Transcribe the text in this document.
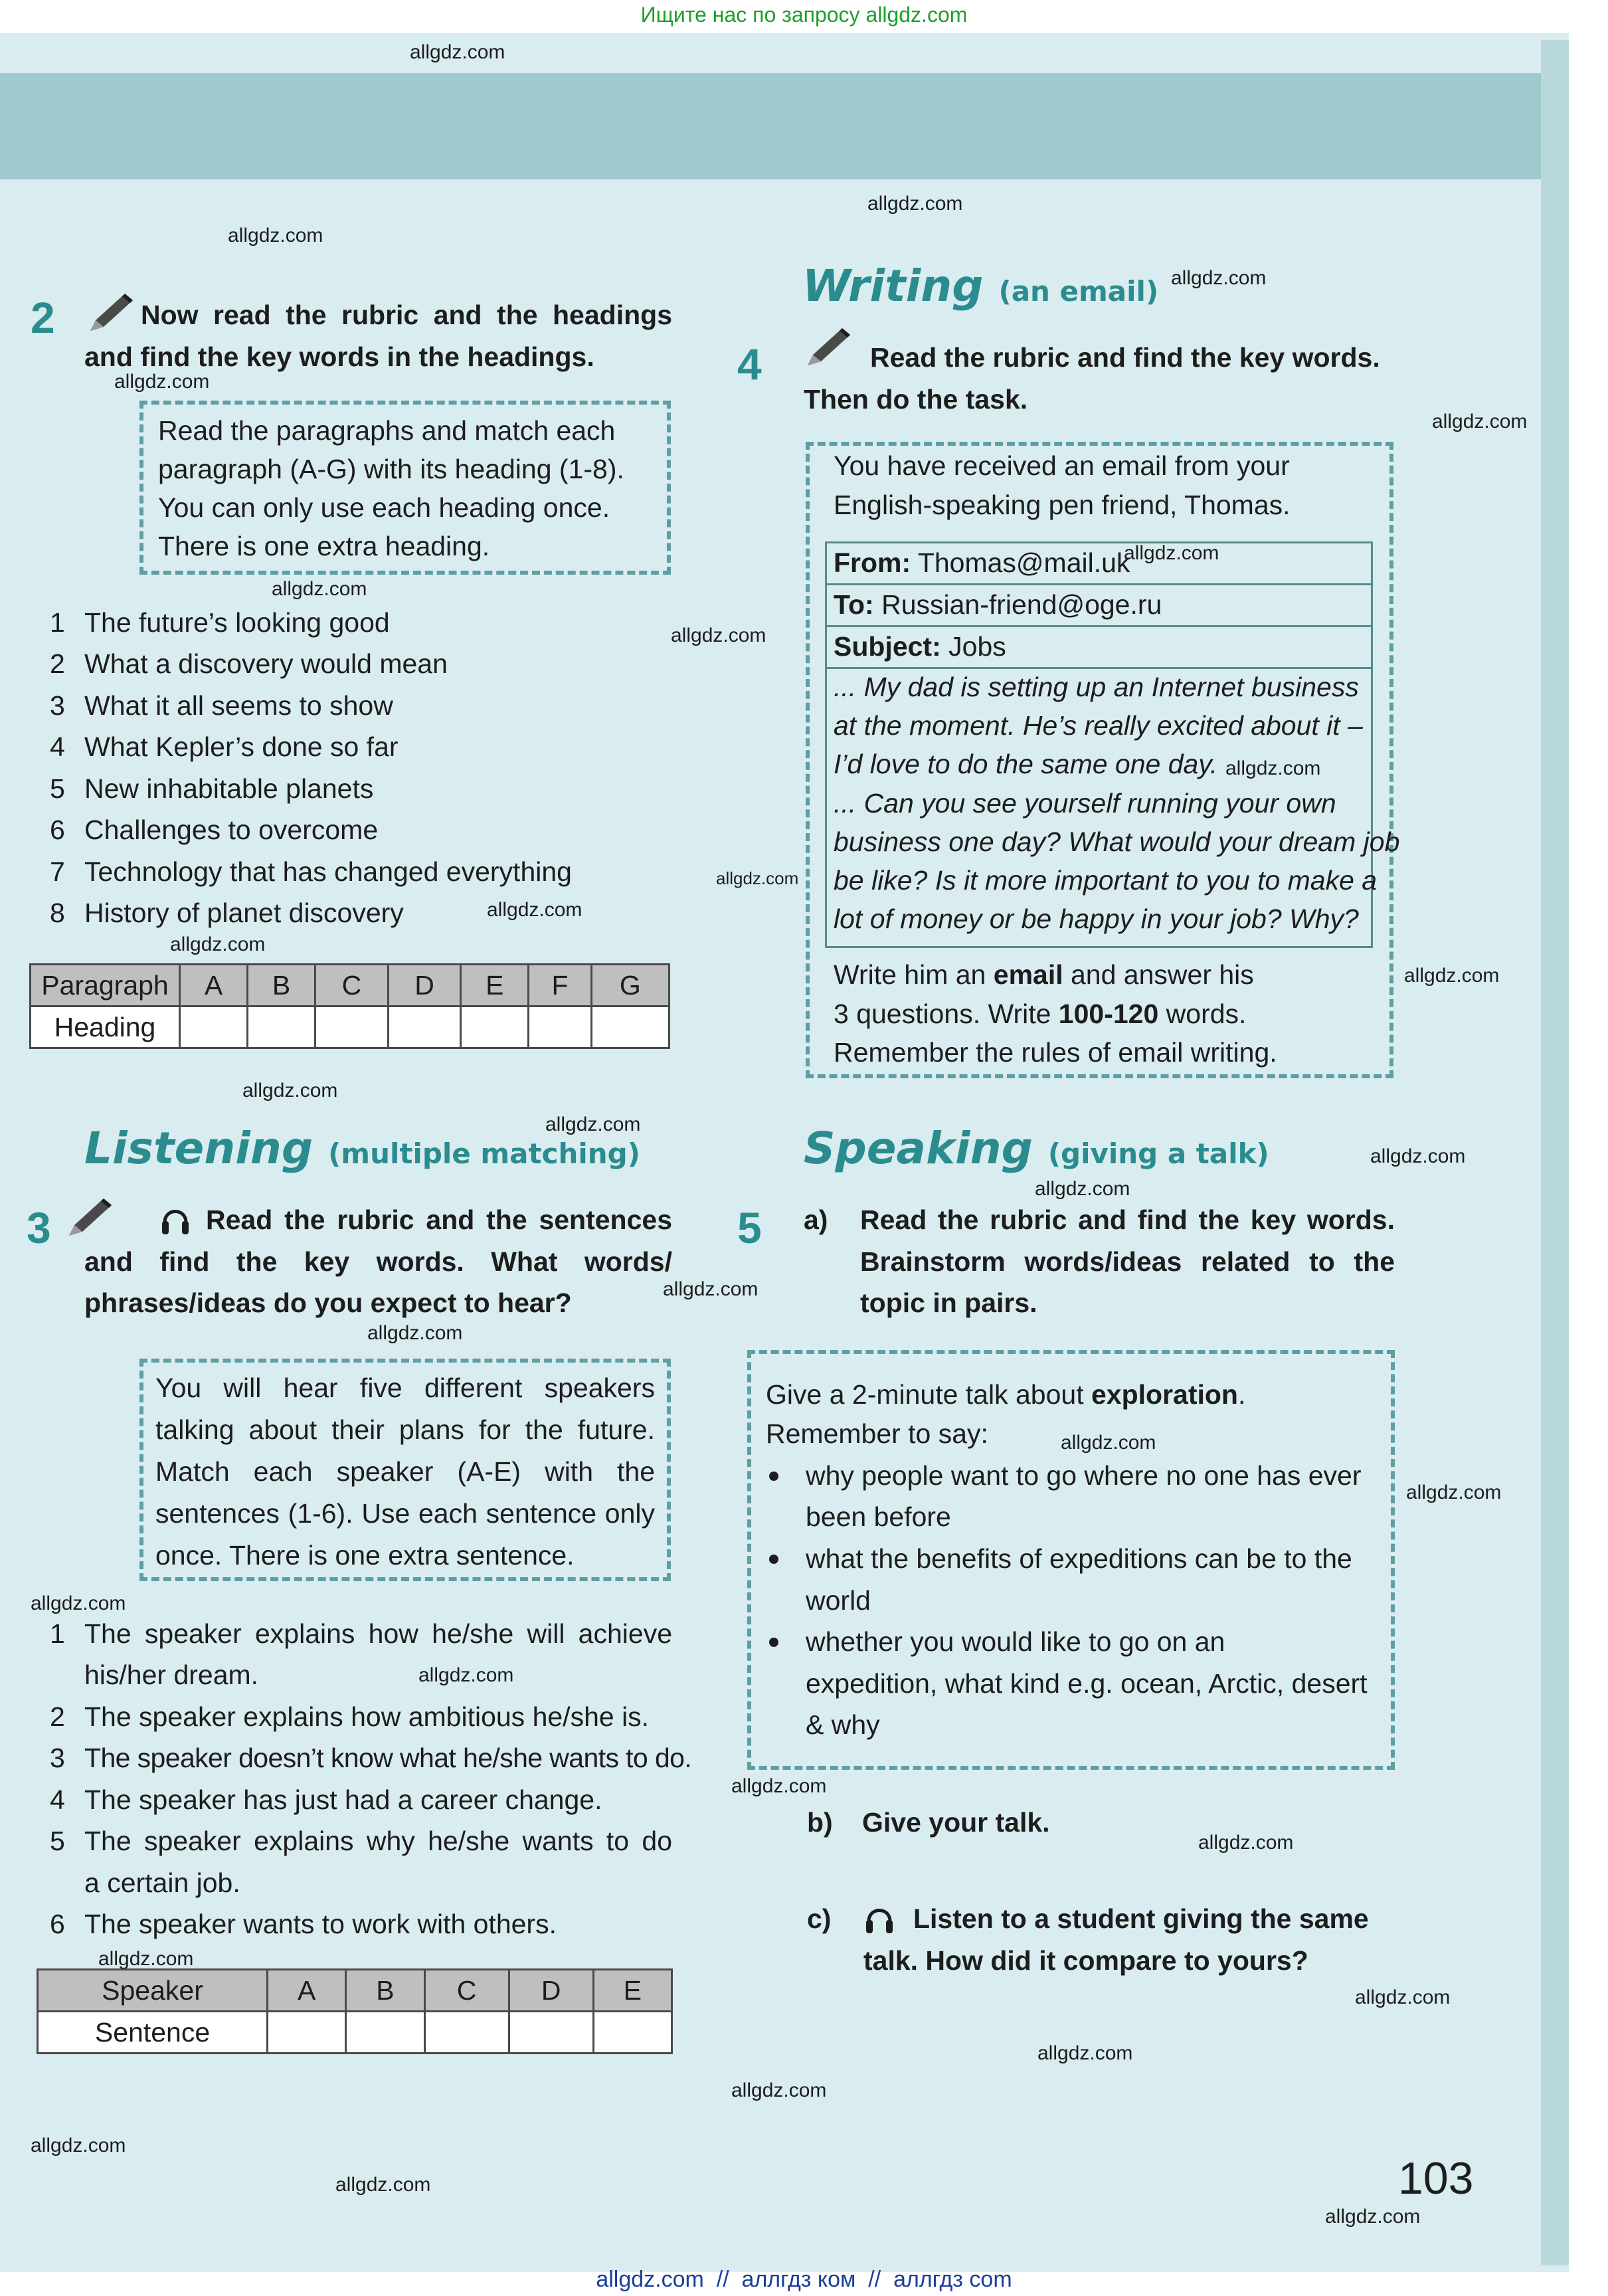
Ищите нас по запросу allgdz.com
allgdz.com
allgdz.com
allgdz.com
allgdz.com
allgdz.com
allgdz.com
allgdz.com
allgdz.com
allgdz.com
allgdz.com
allgdz.com
allgdz.com
allgdz.com
allgdz.com
allgdz.com
allgdz.com
allgdz.com
allgdz.com
allgdz.com
allgdz.com
allgdz.com
allgdz.com
allgdz.com
allgdz.com
allgdz.com
allgdz.com
allgdz.com
allgdz.com
allgdz.com
allgdz.com
allgdz.com
allgdz.com
allgdz.com
2	Now read the rubric and the headings
and find the key words in the headings.
Read the paragraphs and match each
paragraph (A-G) with its heading (1-8).
You can only use each heading once.
There is one extra heading.
1 The future’s looking good
2 What a discovery would mean
3 What it all seems to show
4 What Kepler’s done so far
5 New inhabitable planets
6 Challenges to overcome
7 Technology that has changed everything
8 History of planet discovery
Paragraph	A	B	C	D	E	F	G
Heading							
Listening (multiple matching)
3	Read the rubric and the sentences
and find the key words. What words/
phrases/ideas do you expect to hear?
You will hear five different speakers
talking about their plans for the future.
Match each speaker (A-E) with the
sentences (1-6). Use each sentence only
once. There is one extra sentence.
1 The speaker explains how he/she will achieve
his/her dream.
2 The speaker explains how ambitious he/she is.
3 The speaker doesn’t know what he/she wants to do.
4 The speaker has just had a career change.
5 The speaker explains why he/she wants to do
a certain job.
6 The speaker wants to work with others.
Speaker	A	B	C	D	E
Sentence					
Writing (an email)
4	Read the rubric and find the key words.
Then do the task.
You have received an email from your
English-speaking pen friend, Thomas.
From: Thomas@mail.uk
To: Russian-friend@oge.ru
Subject: Jobs
... My dad is setting up an Internet business
at the moment. He’s really excited about it –
I’d love to do the same one day.
... Can you see yourself running your own
business one day? What would your dream job
be like? Is it more important to you to make a
lot of money or be happy in your job? Why?
Write him an email and answer his
3 questions. Write 100-120 words.
Remember the rules of email writing.
Speaking (giving a talk)
5 a) Read the rubric and find the key words.
Brainstorm words/ideas related to the
topic in pairs.
Give a 2-minute talk about exploration.
Remember to say:
why people want to go where no one has ever
been before
what the benefits of expeditions can be to the
world
whether you would like to go on an
expedition, what kind e.g. ocean, Arctic, desert
& why
b) Give your talk.
c)	Listen to a student giving the same
talk. How did it compare to yours?
103
allgdz.com  //  аллгдз ком  //  аллгдз com
